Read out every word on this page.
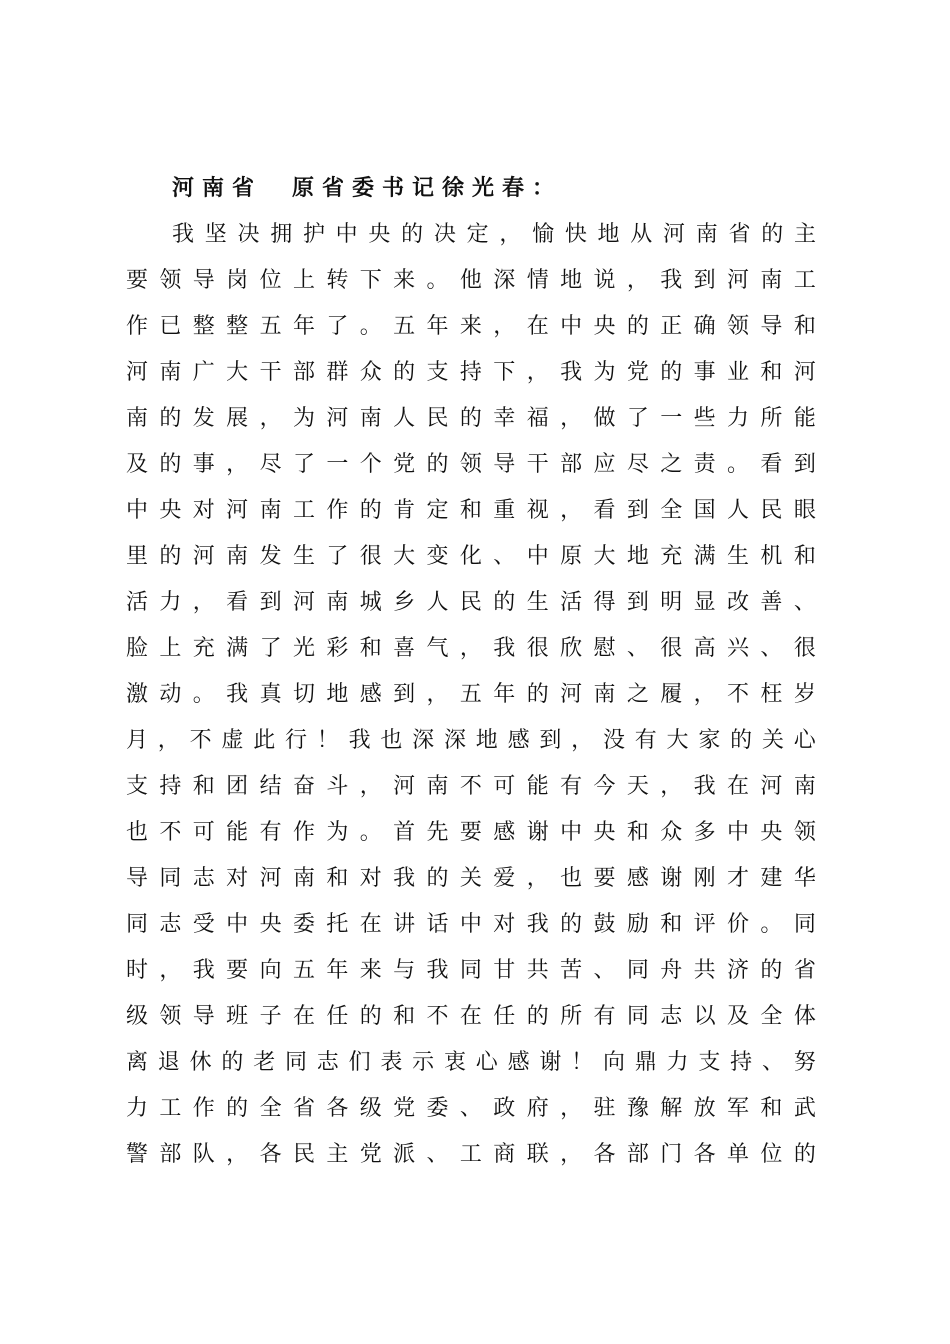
河南省　原省委书记徐光春：
我 坚 决 拥 护 中 央 的 决 定 ， 愉 快 地 从 河 南 省 的 主
要 领 导 岗 位 上 转 下 来 。 他 深 情 地 说 ， 我 到 河 南 工
作 已 整 整 五 年 了 。 五 年 来 ， 在 中 央 的 正 确 领 导 和
河 南 广 大 干 部 群 众 的 支 持 下 ， 我 为 党 的 事 业 和 河
南 的 发 展 ， 为 河 南 人 民 的 幸 福 ， 做 了 一 些 力 所 能
及 的 事 ， 尽 了 一 个 党 的 领 导 干 部 应 尽 之 责 。 看 到
中 央 对 河 南 工 作 的 肯 定 和 重 视 ， 看 到 全 国 人 民 眼
里 的 河 南 发 生 了 很 大 变 化 、 中 原 大 地 充 满 生 机 和
活 力 ， 看 到 河 南 城 乡 人 民 的 生 活 得 到 明 显 改 善 、
脸 上 充 满 了 光 彩 和 喜 气 ， 我 很 欣 慰 、 很 高 兴 、 很
激 动 。 我 真 切 地 感 到 ， 五 年 的 河 南 之 履 ， 不 枉 岁
月 ， 不 虚 此 行 ！ 我 也 深 深 地 感 到 ， 没 有 大 家 的 关 心
支 持 和 团 结 奋 斗 ， 河 南 不 可 能 有 今 天 ， 我 在 河 南
也 不 可 能 有 作 为 。 首 先 要 感 谢 中 央 和 众 多 中 央 领
导 同 志 对 河 南 和 对 我 的 关 爱 ， 也 要 感 谢 刚 才 建 华
同 志 受 中 央 委 托 在 讲 话 中 对 我 的 鼓 励 和 评 价 。 同
时 ， 我 要 向 五 年 来 与 我 同 甘 共 苦 、 同 舟 共 济 的 省
级 领 导 班 子 在 任 的 和 不 在 任 的 所 有 同 志 以 及 全 体
离 退 休 的 老 同 志 们 表 示 衷 心 感 谢 ！ 向 鼎 力 支 持 、 努
力 工 作 的 全 省 各 级 党 委 、 政 府 ， 驻 豫 解 放 军 和 武
警 部 队 ， 各 民 主 党 派 、 工 商 联 ， 各 部 门 各 单 位 的
